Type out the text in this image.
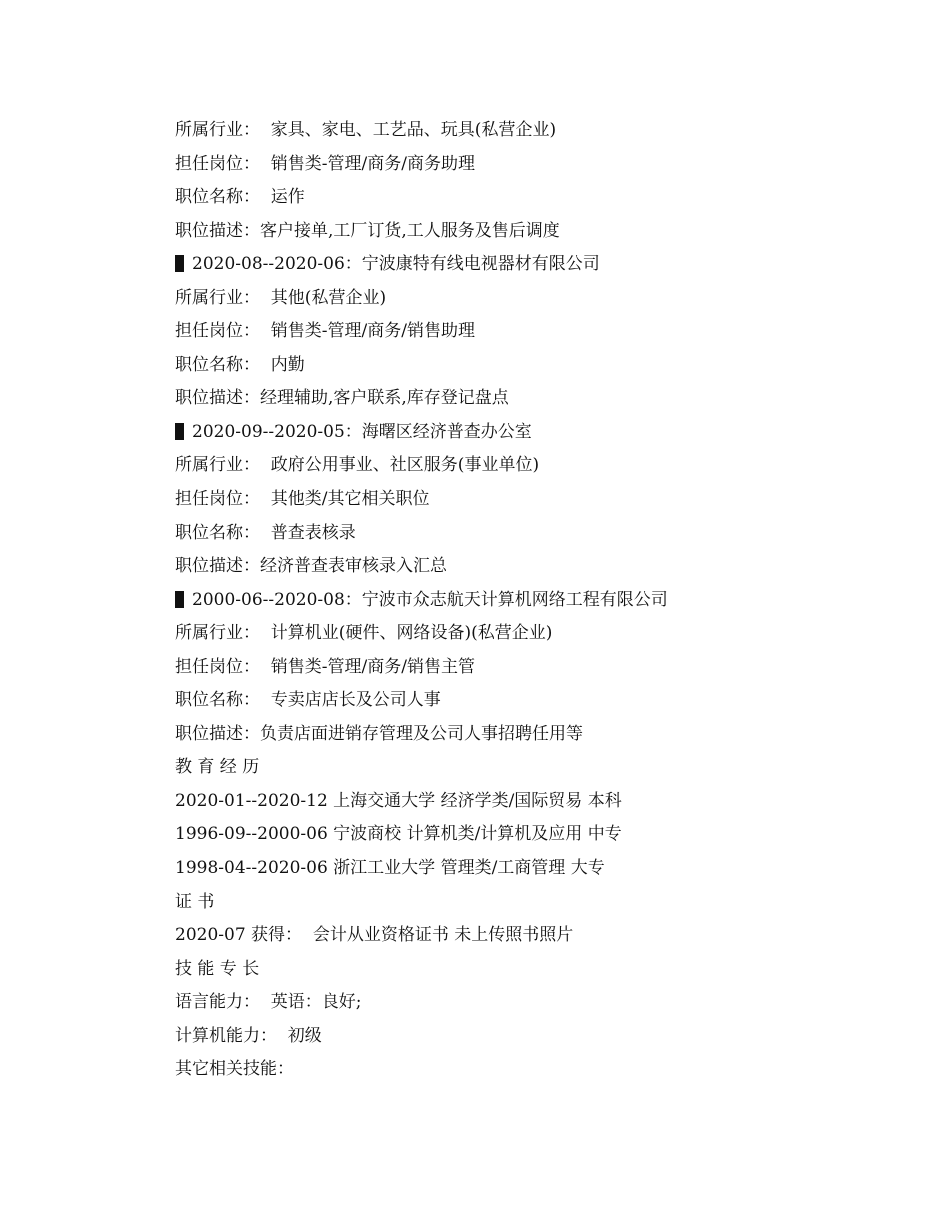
所属行业：  家具、家电、工艺品、玩具(私营企业)
担任岗位：  销售类-管理/商务/商务助理
职位名称：  运作
职位描述：客户接单,工厂订货,工人服务及售后调度
2020-08--2020-06：宁波康特有线电视器材有限公司
所属行业：  其他(私营企业)
担任岗位：  销售类-管理/商务/销售助理
职位名称：  内勤
职位描述：经理辅助,客户联系,库存登记盘点
2020-09--2020-05：海曙区经济普查办公室
所属行业：  政府公用事业、社区服务(事业单位)
担任岗位：  其他类/其它相关职位
职位名称：  普查表核录
职位描述：经济普查表审核录入汇总
2000-06--2020-08：宁波市众志航天计算机网络工程有限公司
所属行业：  计算机业(硬件、网络设备)(私营企业)
担任岗位：  销售类-管理/商务/销售主管
职位名称：  专卖店店长及公司人事
职位描述：负责店面进销存管理及公司人事招聘任用等
教 育 经 历
2020-01--2020-12 上海交通大学 经济学类/国际贸易 本科
1996-09--2000-06 宁波商校 计算机类/计算机及应用 中专
1998-04--2020-06 浙江工业大学 管理类/工商管理 大专
证 书
2020-07 获得：  会计从业资格证书 未上传照书照片
技 能 专 长
语言能力：  英语：良好;
计算机能力：  初级
其它相关技能：
